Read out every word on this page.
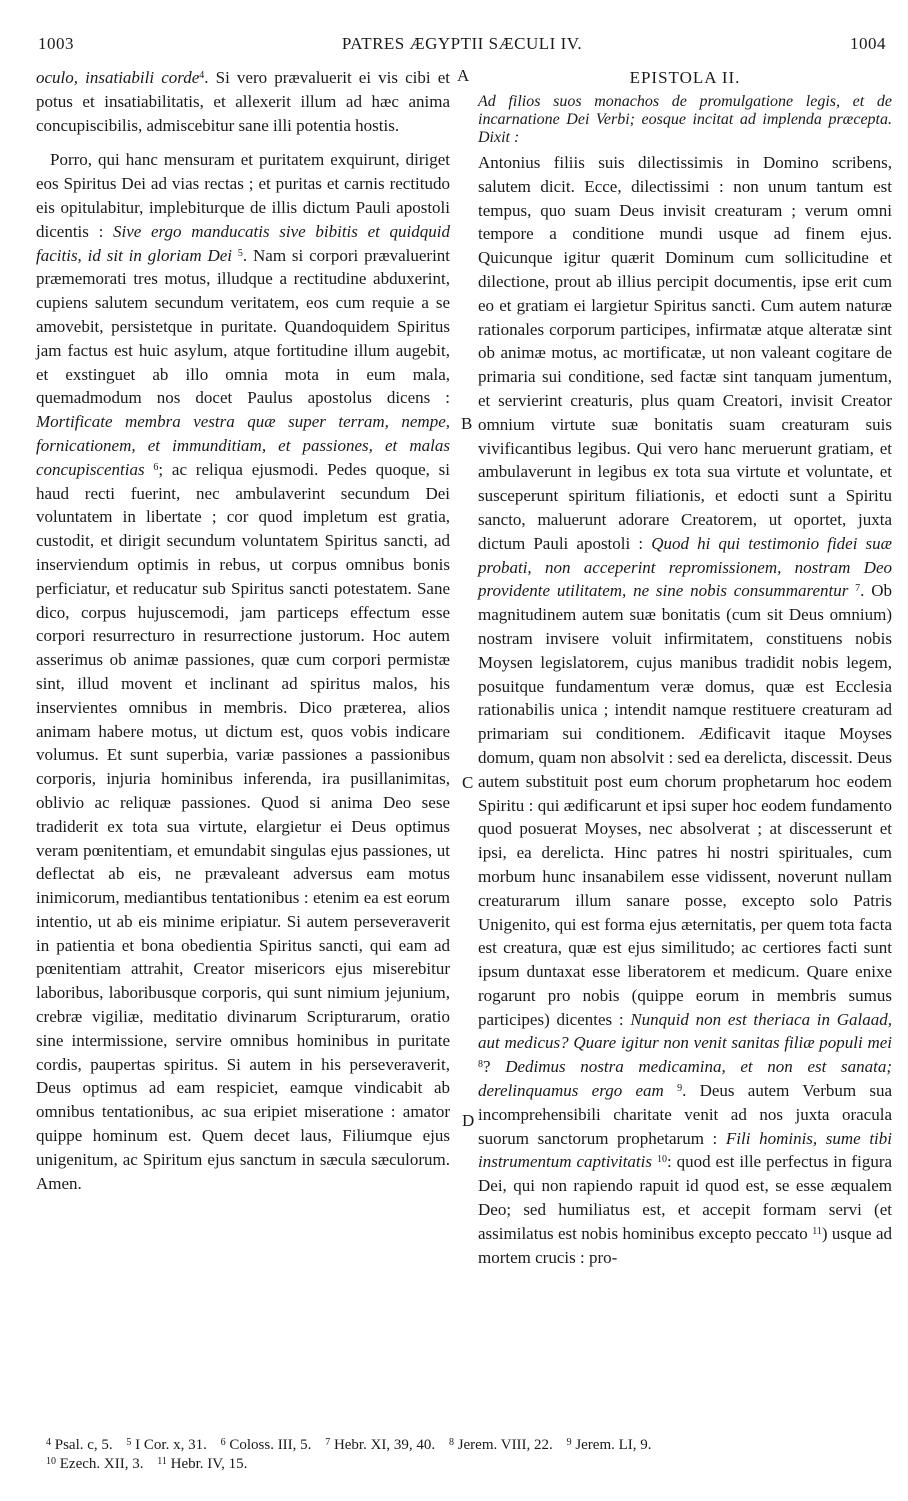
1003	PATRES ÆGYPTII SÆCULI IV.	1004
A
B
C
D

oculo, insatiabili corde$^4$. Si vero prævaluerit ei vis cibi et potus et insatiabilitatis, et allexerit illum ad hæc anima concupiscibilis, admiscebitur sane illi potentia hostis.

Porro, qui hanc mensuram et puritatem exquirunt, diriget eos Spiritus Dei ad vias rectas ; et puritas et carnis rectitudo eis opitulabitur, implebiturque de illis dictum Pauli apostoli dicentis : Sive ergo manducatis sive bibitis et quidquid facitis, id sit in gloriam Dei $^5$. Nam si corpori prævaluerint præmemorati tres motus, illudque a rectitudine abduxerint, cupiens salutem secundum veritatem, eos cum requie a se amovebit, persistetque in puritate. Quandoquidem Spiritus jam factus est huic asylum, atque fortitudine illum augebit, et exstinguet ab illo omnia mota in eum mala, quemadmodum nos docet Paulus apostolus dicens : Mortificate membra vestra quæ super terram, nempe, fornicationem, et immunditiam, et passiones, et malas concupiscentias $^6$; ac reliqua ejusmodi. Pedes quoque, si haud recti fuerint, nec ambulaverint secundum Dei voluntatem in libertate ; cor quod impletum est gratia, custodit, et dirigit secundum voluntatem Spiritus sancti, ad inserviendum optimis in rebus, ut corpus omnibus bonis perficiatur, et reducatur sub Spiritus sancti potestatem. Sane dico, corpus hujuscemodi, jam particeps effectum esse corpori resurrecturo in resurrectione justorum. Hoc autem asserimus ob animæ passiones, quæ cum corpori permistæ sint, illud movent et inclinant ad spiritus malos, his inservientes omnibus in membris. Dico præterea, alios animam habere motus, ut dictum est, quos vobis indicare volumus. Et sunt superbia, variæ passiones a passionibus corporis, injuria hominibus inferenda, ira pusillanimitas, oblivio ac reliquæ passiones. Quod si anima Deo sese tradiderit ex tota sua virtute, elargietur ei Deus optimus veram pœnitentiam, et emundabit singulas ejus passiones, ut deflectat ab eis, ne prævaleant adversus eam motus inimicorum, mediantibus tentationibus : etenim ea est eorum intentio, ut ab eis minime eripiatur. Si autem perseveraverit in patientia et bona obedientia Spiritus sancti, qui eam ad pœnitentiam attrahit, Creator misericors ejus miserebitur laboribus, laboribusque corporis, qui sunt nimium jejunium, crebræ vigiliæ, meditatio divinarum Scripturarum, oratio sine intermissione, servire omnibus hominibus in puritate cordis, paupertas spiritus. Si autem in his perseveraverit, Deus optimus ad eam respiciet, eamque vindicabit ab omnibus tentationibus, ac sua eripiet miseratione : amator quippe hominum est. Quem decet laus, Filiumque ejus unigenitum, ac Spiritum ejus sanctum in sæcula sæculorum. Amen.

EPISTOLA II.
Ad filios suos monachos de promulgatione legis, et de incarnatione Dei Verbi; eosque incitat ad implenda præcepta. Dixit :

Antonius filiis suis dilectissimis in Domino scribens, salutem dicit. Ecce, dilectissimi : non unum tantum est tempus, quo suam Deus invisit creaturam ; verum omni tempore a conditione mundi usque ad finem ejus. Quicunque igitur quærit Dominum cum sollicitudine et dilectione, prout ab illius percipit documentis, ipse erit cum eo et gratiam ei largietur Spiritus sancti. Cum autem naturæ rationales corporum participes, infirmatæ atque alteratæ sint ob animæ motus, ac mortificatæ, ut non valeant cogitare de primaria sui conditione, sed factæ sint tanquam jumentum, et servierint creaturis, plus quam Creatori, invisit Creator omnium virtute suæ bonitatis suam creaturam suis vivificantibus legibus. Qui vero hanc meruerunt gratiam, et ambulaverunt in legibus ex tota sua virtute et voluntate, et susceperunt spiritum filiationis, et edocti sunt a Spiritu sancto, maluerunt adorare Creatorem, ut oportet, juxta dictum Pauli apostoli : Quod hi qui testimonio fidei suæ probati, non acceperint repromissionem, nostram Deo providente utilitatem, ne sine nobis consummarentur $^7$. Ob magnitudinem autem suæ bonitatis (cum sit Deus omnium) nostram invisere voluit infirmitatem, constituens nobis Moysen legislatorem, cujus manibus tradidit nobis legem, posuitque fundamentum veræ domus, quæ est Ecclesia rationabilis unica ; intendit namque restituere creaturam ad primariam sui conditionem. Ædificavit itaque Moyses domum, quam non absolvit : sed ea derelicta, discessit. Deus autem substituit post eum chorum prophetarum hoc eodem Spiritu : qui ædificarunt et ipsi super hoc eodem fundamento quod posuerat Moyses, nec absolverat ; at discesserunt et ipsi, ea derelicta. Hinc patres hi nostri spirituales, cum morbum hunc insanabilem esse vidissent, noverunt nullam creaturarum illum sanare posse, excepto solo Patris Unigenito, qui est forma ejus æternitatis, per quem tota facta est creatura, quæ est ejus similitudo; ac certiores facti sunt ipsum duntaxat esse liberatorem et medicum. Quare enixe rogarunt pro nobis (quippe eorum in membris sumus participes) dicentes : Nunquid non est theriaca in Galaad, aut medicus? Quare igitur non venit sanitas filiæ populi mei $^8$? Dedimus nostra medicamina, et non est sanata; derelinquamus ergo eam $^9$. Deus autem Verbum sua incomprehensibili charitate venit ad nos juxta oracula suorum sanctorum prophetarum : Fili hominis, sume tibi instrumentum captivitatis $^{10}$: quod est ille perfectus in figura Dei, qui non rapiendo rapuit id quod est, se esse æqualem Deo; sed humiliatus est, et accepit formam servi (et assimilatus est nobis hominibus excepto peccato $^{11}$) usque ad mortem crucis : pro-

$^4$ Psal. c, 5. $^5$ I Cor. x, 31. $^6$ Coloss. III, 5. $^7$ Hebr. XI, 39, 40. $^8$ Jerem. VIII, 22. $^9$ Jerem. LI, 9.
$^{10}$ Ezech. XII, 3. $^{11}$ Hebr. IV, 15.
